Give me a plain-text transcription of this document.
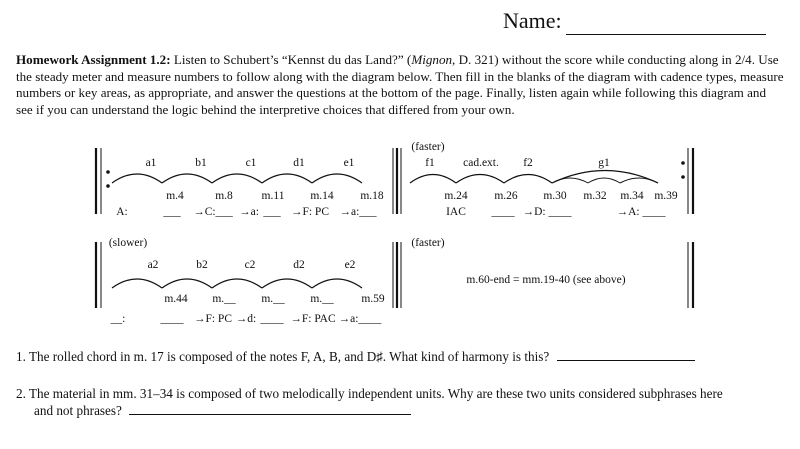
Name:
Homework Assignment 1.2: Listen to Schubert’s “Kennst du das Land?” (Mignon, D. 321) without the score while conducting along in 2/4. Use the steady meter and measure numbers to follow along with the diagram below. Then fill in the blanks of the diagram with cadence types, measure numbers or key areas, as appropriate, and answer the questions at the bottom of the page. Finally, listen again while following this diagram and see if you can understand the logic behind the interpretive choices that differed from your own.
a1	b1	c1	d1	e1
m.4	m.8	m.11 m.14 m.18
A:	___ →C:___ →a: ___ →F: PC →a:___
(faster)
f1 cad.ext. f2	g1
m.24 m.26 m.30 m.32 m.34 m.39
IAC ____ →D: ____	→A: ____
(slower)
a2	b2	c2	d2	e2
m.44 m.__ m.__ m.__ m.59
__:	____ →F: PC →d: ____ →F: PAC →a:____
(faster)
m.60-end = mm.19-40 (see above)
1. The rolled chord in m. 17 is composed of the notes F, A, B, and D♯. What kind of harmony is this?
2. The material in mm. 31–34 is composed of two melodically independent units. Why are these two units considered subphrases here
and not phrases?
